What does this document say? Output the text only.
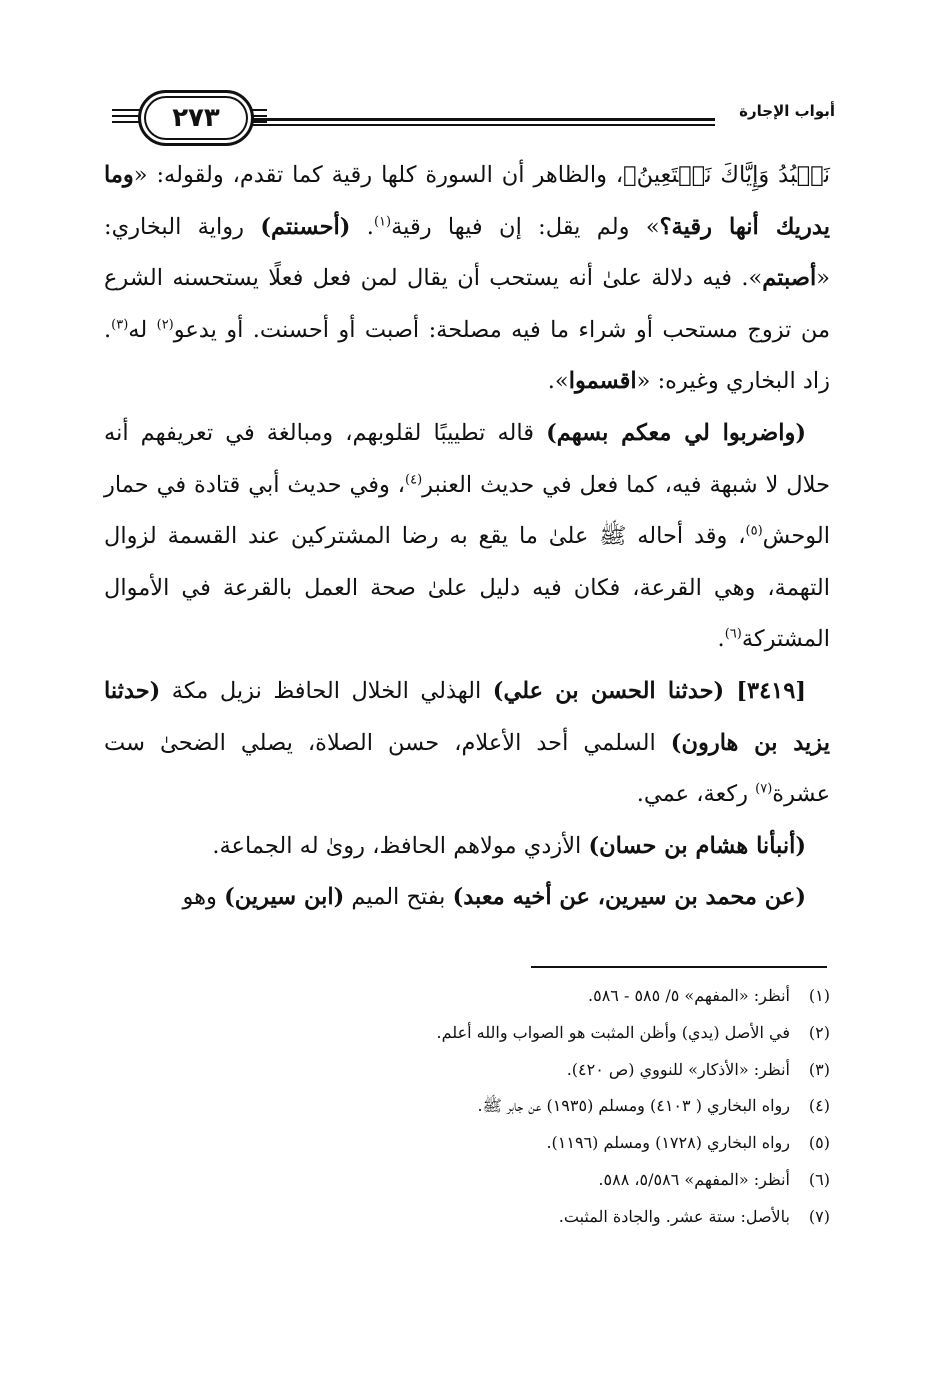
٢٧٣	أبواب الإجارة

نَعۡبُدُ وَإِيَّاكَ نَسۡتَعِينُ﴾، والظاهر أن السورة كلها رقية كما تقدم، ولقوله: «وما يدريك أنها رقية؟» ولم يقل: إن فيها رقية$^{(١)}$. (أحسنتم) رواية البخاري: «أصبتم». فيه دلالة علىٰ أنه يستحب أن يقال لمن فعل فعلًا يستحسنه الشرع من تزوج مستحب أو شراء ما فيه مصلحة: أصبت أو أحسنت. أو يدعو$^{(٢)}$ له$^{(٣)}$. زاد البخاري وغيره: «اقسموا».

(واضربوا لي معكم بسهم) قاله تطييبًا لقلوبهم، ومبالغة في تعريفهم أنه حلال لا شبهة فيه، كما فعل في حديث العنبر$^{(٤)}$، وفي حديث أبي قتادة في حمار الوحش$^{(٥)}$، وقد أحاله ﷺ علىٰ ما يقع به رضا المشتركين عند القسمة لزوال التهمة، وهي القرعة، فكان فيه دليل علىٰ صحة العمل بالقرعة في الأموال المشتركة$^{(٦)}$.

[٣٤١٩] (حدثنا الحسن بن علي) الهذلي الخلال الحافظ نزيل مكة (حدثنا يزيد بن هارون) السلمي أحد الأعلام، حسن الصلاة، يصلي الضحىٰ ست عشرة$^{(٧)}$ ركعة، عمي.

(أنبأنا هشام بن حسان) الأزدي مولاهم الحافظ، روىٰ له الجماعة.

(عن محمد بن سيرين، عن أخيه معبد) بفتح الميم (ابن سيرين) وهو

(١)
أنظر: «المفهم» ٥/ ٥٨٥ - ٥٨٦.
(٢)
في الأصل (يدي) وأظن المثبت هو الصواب والله أعلم.
(٣)
أنظر: «الأذكار» للنووي (ص ٤٢٠).
(٤)
رواه البخاري ( ٤١٠٣) ومسلم (١٩٣٥) عن جابر ﷺ.
(٥)
رواه البخاري (١٧٢٨) ومسلم (١١٩٦).
(٦)
أنظر: «المفهم» ٥/٥٨٦، ٥٨٨.
(٧)
بالأصل: ستة عشر. والجادة المثبت.
